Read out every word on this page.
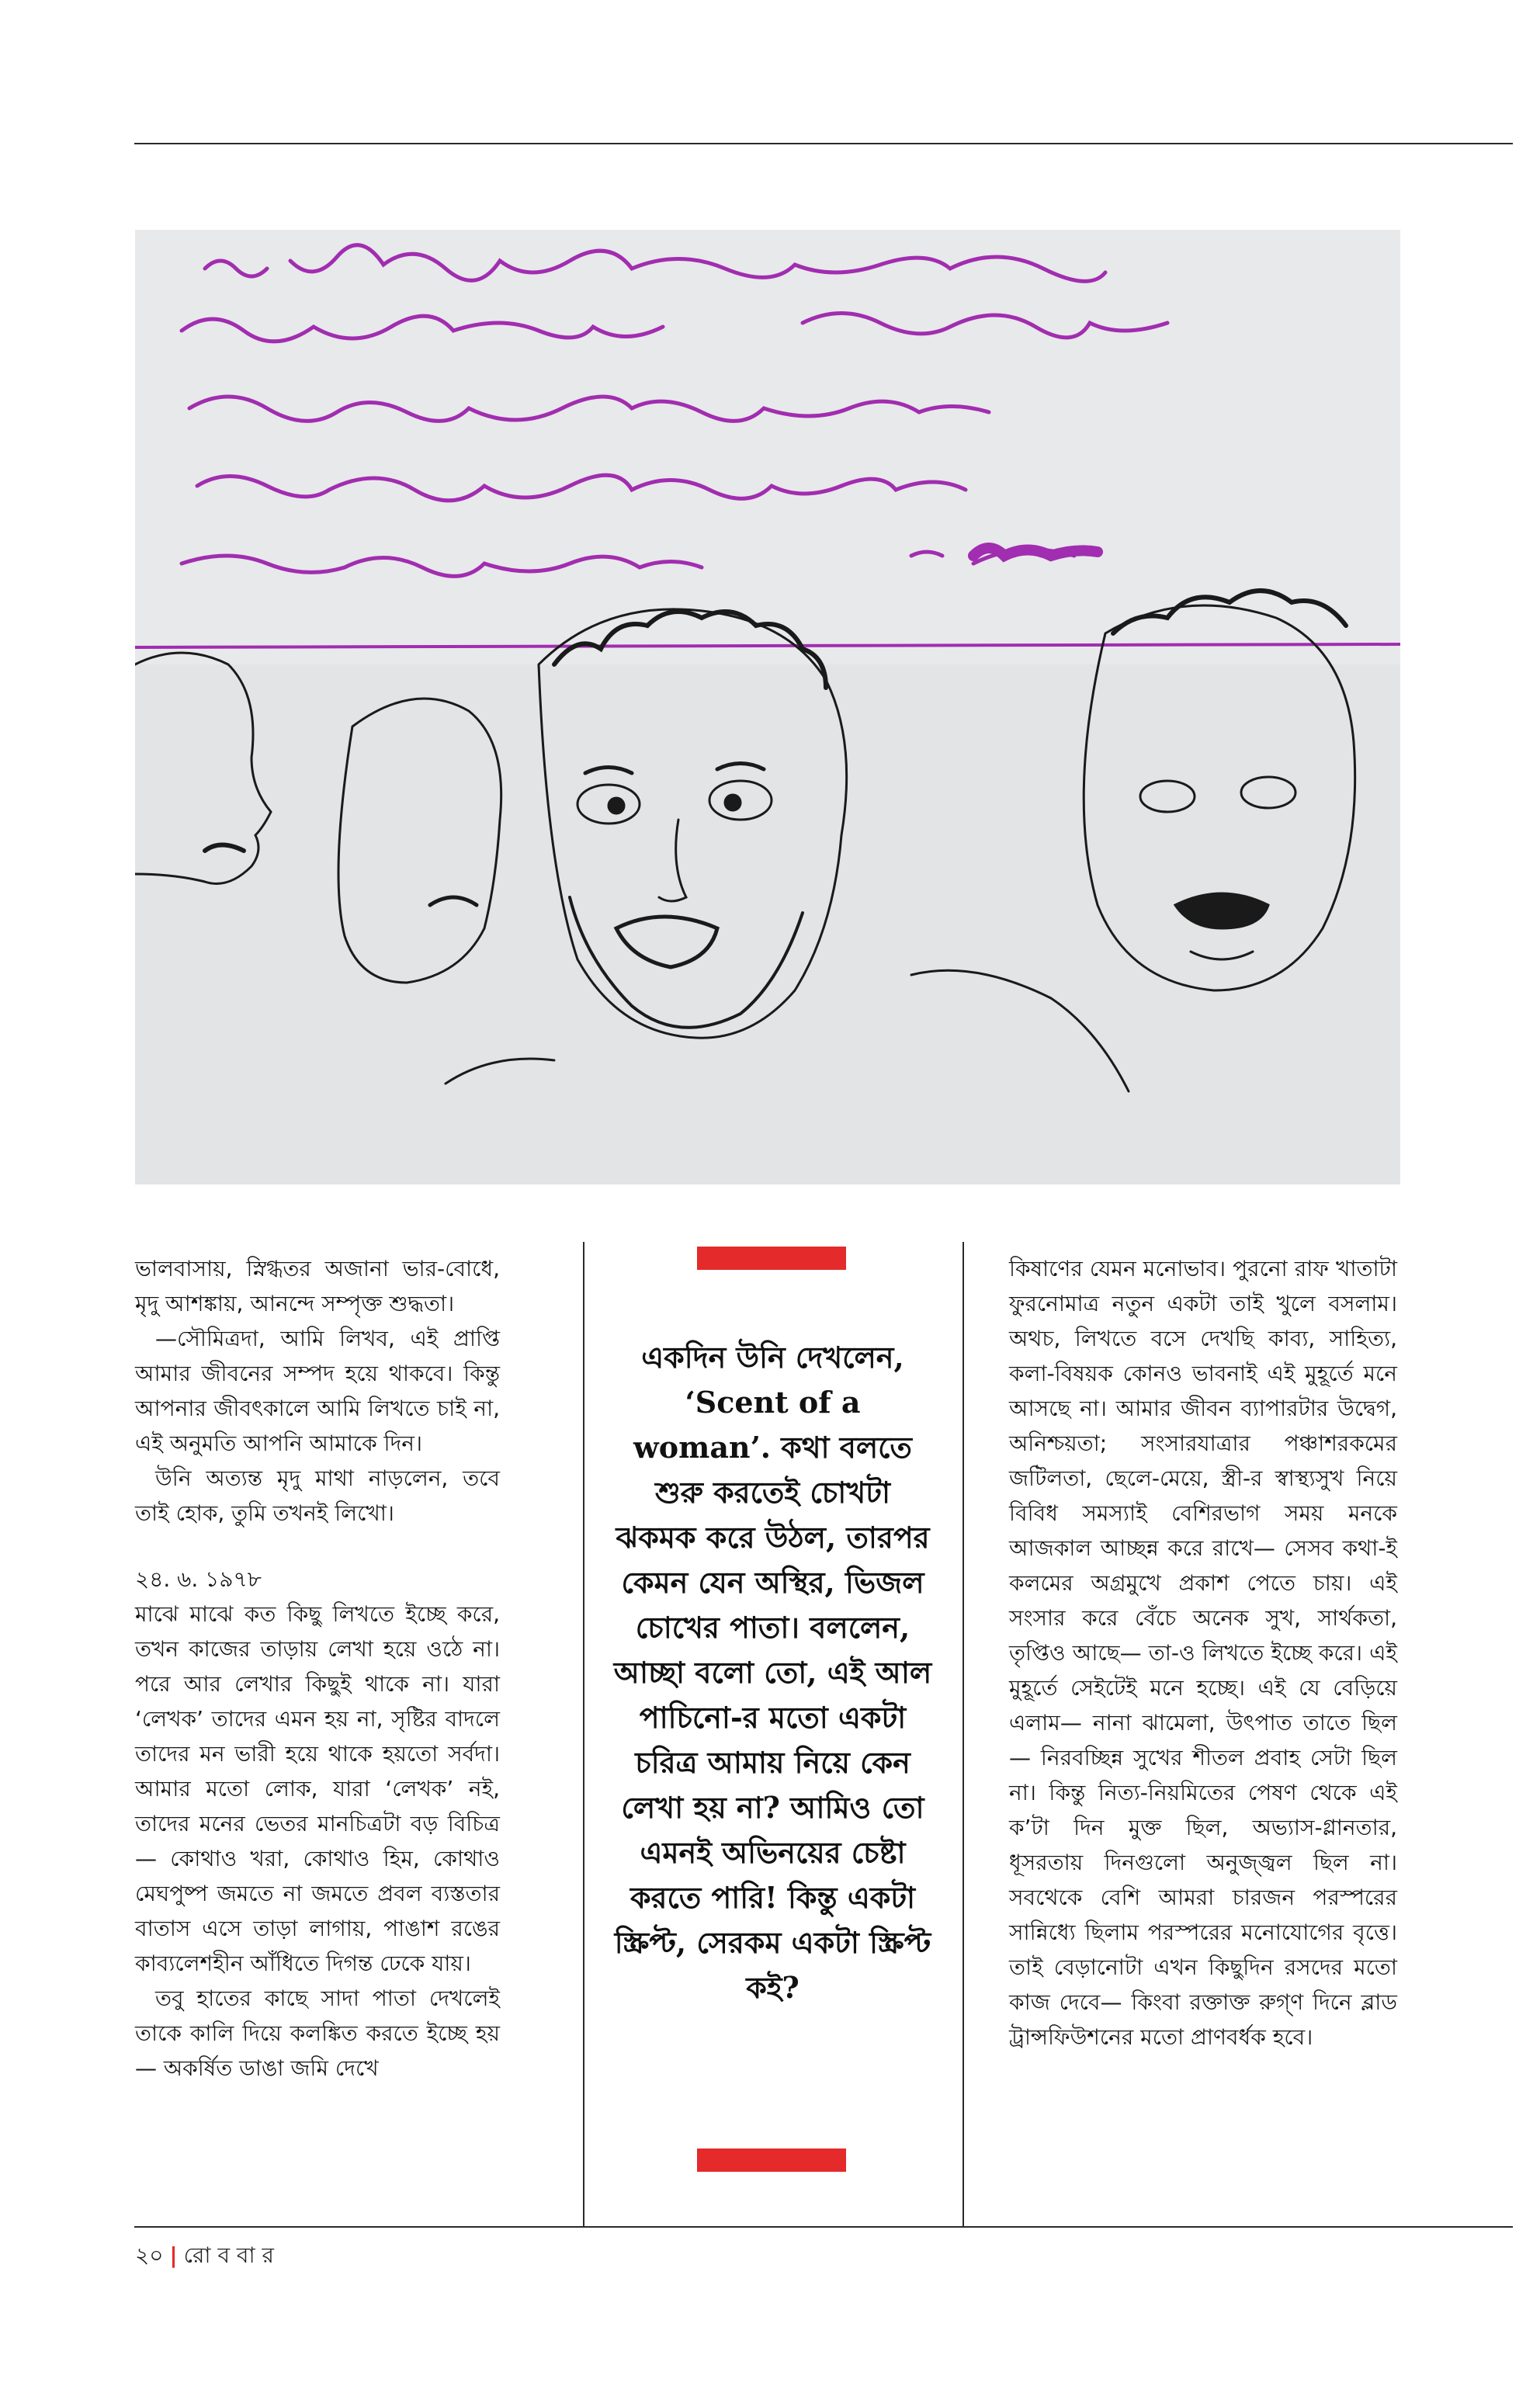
ভালবাসায়, স্নিগ্ধতর অজানা ভার-বোধে, মৃদু আশঙ্কায়, আনন্দে সম্পৃক্ত শুদ্ধতা।

—সৌমিত্রদা, আমি লিখব, এই প্রাপ্তি আমার জীবনের সম্পদ হয়ে থাকবে। কিন্তু আপনার জীবৎকালে আমি লিখতে চাই না, এই অনুমতি আপনি আমাকে দিন।

উনি অত্যন্ত মৃদু মাথা নাড়লেন, তবে তাই হোক, তুমি তখনই লিখো।

২৪. ৬. ১৯৭৮

মাঝে মাঝে কত কিছু লিখতে ইচ্ছে করে, তখন কাজের তাড়ায় লেখা হয়ে ওঠে না। পরে আর লেখার কিছুই থাকে না। যারা ‘লেখক’ তাদের এমন হয় না, সৃষ্টির বাদলে তাদের মন ভারী হয়ে থাকে হয়তো সর্বদা। আমার মতো লোক, যারা ‘লেখক’ নই, তাদের মনের ভেতর মানচিত্রটা বড় বিচিত্র— কোথাও খরা, কোথাও হিম, কোথাও মেঘপুষ্প জমতে না জমতে প্রবল ব্যস্ততার বাতাস এসে তাড়া লাগায়, পাঙাশ রঙের কাব্যলেশহীন আঁধিতে দিগন্ত ঢেকে যায়।

তবু হাতের কাছে সাদা পাতা দেখলেই তাকে কালি দিয়ে কলঙ্কিত করতে ইচ্ছে হয়— অকর্ষিত ডাঙা জমি দেখে

একদিন উনি দেখলেন, ‘Scent of a woman’. কথা বলতে শুরু করতেই চোখটা ঝকমক করে উঠল, তারপর কেমন যেন অস্থির, ভিজল চোখের পাতা। বললেন, আচ্ছা বলো তো, এই আল পাচিনো-র মতো একটা চরিত্র আমায় নিয়ে কেন লেখা হয় না? আমিও তো এমনই অভিনয়ের চেষ্টা করতে পারি! কিন্তু একটা স্ক্রিপ্ট, সেরকম একটা স্ক্রিপ্ট কই?

কিষাণের যেমন মনোভাব। পুরনো রাফ খাতাটা ফুরনোমাত্র নতুন একটা তাই খুলে বসলাম। অথচ, লিখতে বসে দেখছি কাব্য, সাহিত্য, কলা-বিষয়ক কোনও ভাবনাই এই মুহূর্তে মনে আসছে না। আমার জীবন ব্যাপারটার উদ্বেগ, অনিশ্চয়তা; সংসারযাত্রার পঞ্চাশরকমের জটিলতা, ছেলে-মেয়ে, স্ত্রী-র স্বাস্থ্যসুখ নিয়ে বিবিধ সমস্যাই বেশিরভাগ সময় মনকে আজকাল আচ্ছন্ন করে রাখে— সেসব কথা-ই কলমের অগ্রমুখে প্রকাশ পেতে চায়। এই সংসার করে বেঁচে অনেক সুখ, সার্থকতা, তৃপ্তিও আছে— তা-ও লিখতে ইচ্ছে করে। এই মুহূর্তে সেইটেই মনে হচ্ছে। এই যে বেড়িয়ে এলাম— নানা ঝামেলা, উৎপাত তাতে ছিল— নিরবচ্ছিন্ন সুখের শীতল প্রবাহ সেটা ছিল না। কিন্তু নিত্য-নিয়মিতের পেষণ থেকে এই ক’টা দিন মুক্ত ছিল, অভ্যাস-গ্লানতার, ধূসরতায় দিনগুলো অনুজ্জ্বল ছিল না। সবথেকে বেশি আমরা চারজন পরস্পরের সান্নিধ্যে ছিলাম পরস্পরের মনোযোগের বৃত্তে। তাই বেড়ানোটা এখন কিছুদিন রসদের মতো কাজ দেবে— কিংবা রক্তাক্ত রুগ্‌ণ দিনে ব্লাড ট্রান্সফিউশনের মতো প্রাণবর্ধক হবে।

২০ | রো ব বা র
